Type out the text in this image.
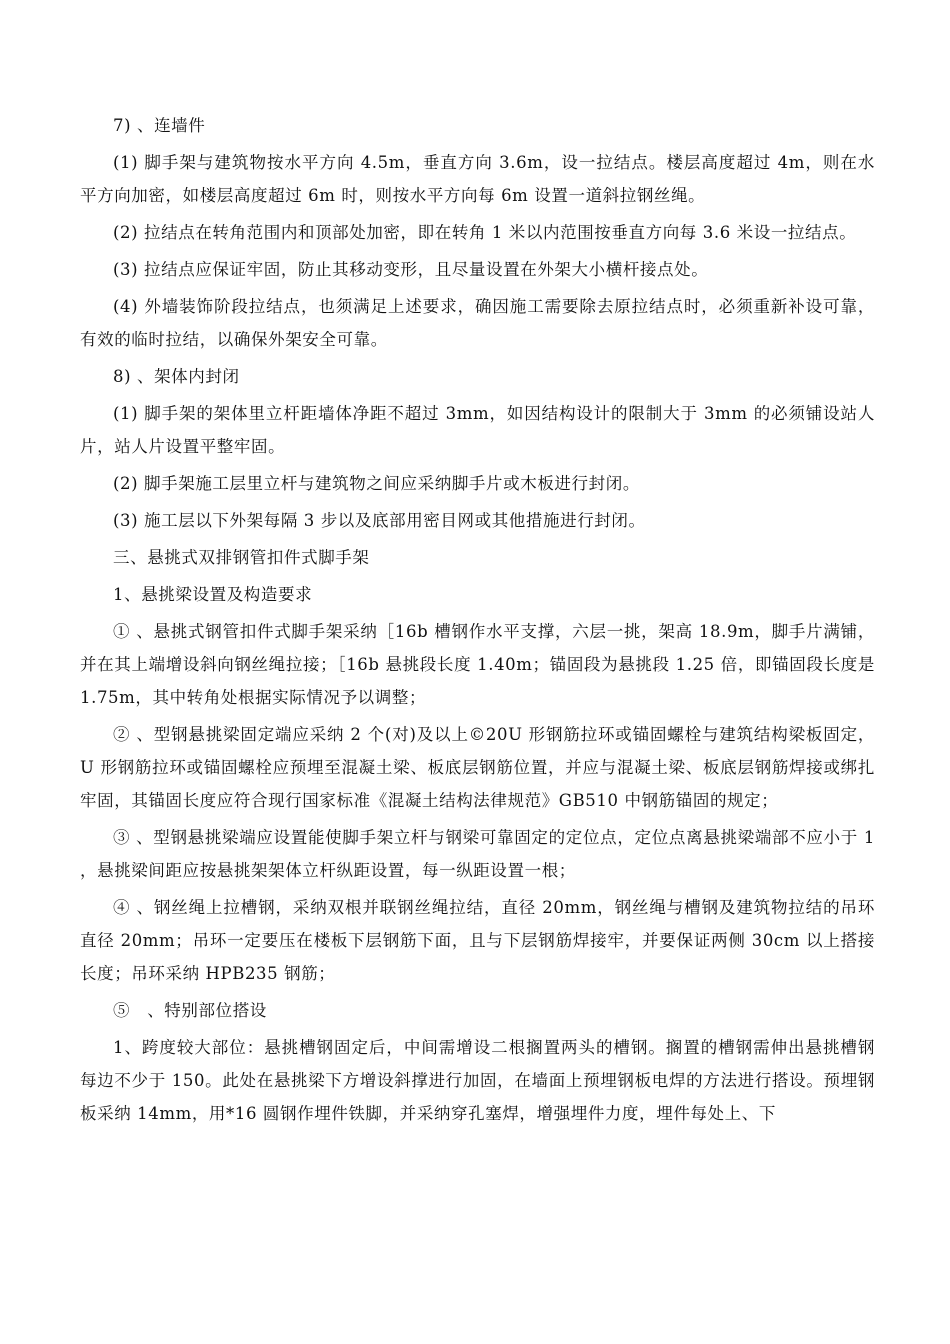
7) 、连墙件

(1) 脚手架与建筑物按水平方向 4.5m，垂直方向 3.6m，设一拉结点。楼层高度超过 4m，则在水平方向加密，如楼层高度超过 6m 时，则按水平方向每 6m 设置一道斜拉钢丝绳。

(2) 拉结点在转角范围内和顶部处加密，即在转角 1 米以内范围按垂直方向每 3.6 米设一拉结点。

(3) 拉结点应保证牢固，防止其移动变形，且尽量设置在外架大小横杆接点处。

(4) 外墙装饰阶段拉结点，也须满足上述要求，确因施工需要除去原拉结点时，必须重新补设可靠，有效的临时拉结，以确保外架安全可靠。

8) 、架体内封闭

(1) 脚手架的架体里立杆距墙体净距不超过 3mm，如因结构设计的限制大于 3mm 的必须铺设站人片，站人片设置平整牢固。

(2) 脚手架施工层里立杆与建筑物之间应采纳脚手片或木板进行封闭。

(3) 施工层以下外架每隔 3 步以及底部用密目网或其他措施进行封闭。

三、悬挑式双排钢管扣件式脚手架

1、悬挑梁设置及构造要求

① 、悬挑式钢管扣件式脚手架采纳［16b 槽钢作水平支撑，六层一挑，架高 18.9m，脚手片满铺，并在其上端增设斜向钢丝绳拉接；［16b 悬挑段长度 1.40m；锚固段为悬挑段 1.25 倍，即锚固段长度是 1.75m，其中转角处根据实际情况予以调整；

② 、型钢悬挑梁固定端应采纳 2 个(对)及以上©20U 形钢筋拉环或锚固螺栓与建筑结构梁板固定，U 形钢筋拉环或锚固螺栓应预埋至混凝土梁、板底层钢筋位置，并应与混凝土梁、板底层钢筋焊接或绑扎牢固，其锚固长度应符合现行国家标准《混凝土结构法律规范》GB510 中钢筋锚固的规定；

③ 、型钢悬挑梁端应设置能使脚手架立杆与钢梁可靠固定的定位点，定位点离悬挑梁端部不应小于 1 ，悬挑梁间距应按悬挑架架体立杆纵距设置，每一纵距设置一根；

④ 、钢丝绳上拉槽钢，采纳双根并联钢丝绳拉结，直径 20mm，钢丝绳与槽钢及建筑物拉结的吊环直径 20mm；吊环一定要压在楼板下层钢筋下面，且与下层钢筋焊接牢，并要保证两侧 30cm 以上搭接长度；吊环采纳 HPB235 钢筋；

⑤　、特别部位搭设

1、跨度较大部位：悬挑槽钢固定后，中间需增设二根搁置两头的槽钢。搁置的槽钢需伸出悬挑槽钢每边不少于 150。此处在悬挑梁下方增设斜撑进行加固，在墙面上预埋钢板电焊的方法进行搭设。预埋钢板采纳 14mm，用*16 圆钢作埋件铁脚，并采纳穿孔塞焊，增强埋件力度，埋件每处上、下
